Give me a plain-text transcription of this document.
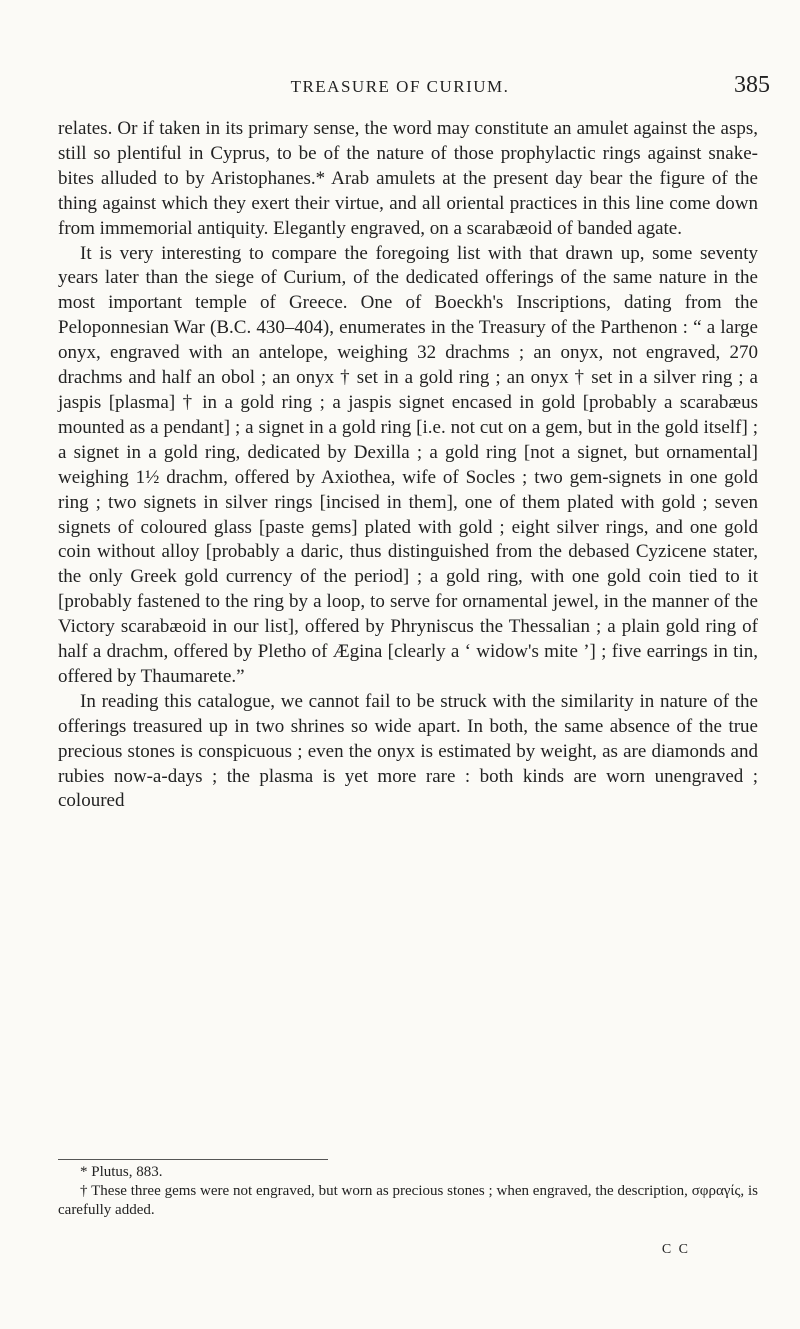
TREASURE OF CURIUM.	385

relates. Or if taken in its primary sense, the word may constitute an amulet against the asps, still so plentiful in Cyprus, to be of the nature of those prophylactic rings against snake-bites alluded to by Aristophanes.* Arab amulets at the present day bear the figure of the thing against which they exert their virtue, and all oriental practices in this line come down from immemorial antiquity. Elegantly engraved, on a scarabæoid of banded agate.

It is very interesting to compare the foregoing list with that drawn up, some seventy years later than the siege of Curium, of the dedicated offerings of the same nature in the most important temple of Greece. One of Boeckh's Inscriptions, dating from the Peloponnesian War (B.C. 430–404), enumerates in the Treasury of the Parthenon : “ a large onyx, engraved with an antelope, weighing 32 drachms ; an onyx, not engraved, 270 drachms and half an obol ; an onyx † set in a gold ring ; an onyx † set in a silver ring ; a jaspis [plasma] † in a gold ring ; a jaspis signet encased in gold [probably a scarabæus mounted as a pendant] ; a signet in a gold ring [i.e. not cut on a gem, but in the gold itself] ; a signet in a gold ring, dedicated by Dexilla ; a gold ring [not a signet, but ornamental] weighing 1½ drachm, offered by Axiothea, wife of Socles ; two gem-signets in one gold ring ; two signets in silver rings [incised in them], one of them plated with gold ; seven signets of coloured glass [paste gems] plated with gold ; eight silver rings, and one gold coin without alloy [probably a daric, thus distinguished from the debased Cyzicene stater, the only Greek gold currency of the period] ; a gold ring, with one gold coin tied to it [probably fastened to the ring by a loop, to serve for ornamental jewel, in the manner of the Victory scarabæoid in our list], offered by Phryniscus the Thessalian ; a plain gold ring of half a drachm, offered by Pletho of Ægina [clearly a ‘ widow's mite ’] ; five earrings in tin, offered by Thaumarete.”

In reading this catalogue, we cannot fail to be struck with the similarity in nature of the offerings treasured up in two shrines so wide apart. In both, the same absence of the true precious stones is conspicuous ; even the onyx is estimated by weight, as are diamonds and rubies now-a-days ; the plasma is yet more rare : both kinds are worn unengraved ; coloured

* Plutus, 883.

† These three gems were not engraved, but worn as precious stones ; when engraved, the description, σφραγίς, is carefully added.

C C
